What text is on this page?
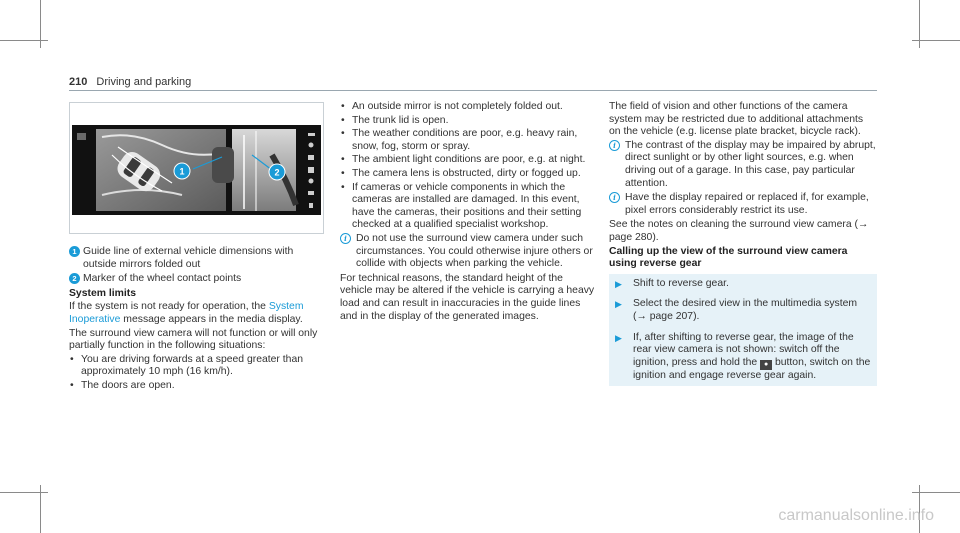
210 Driving and parking
1	2
1 Guide line of external vehicle dimensions with outside mirrors folded out
2 Marker of the wheel contact points

System limits

If the system is not ready for operation, the System Inoperative message appears in the media display.

The surround view camera will not function or will only partially function in the following situations:

• You are driving forwards at a speed greater than approximately 10 mph (16 km/h).
• The doors are open.
• An outside mirror is not completely folded out.
• The trunk lid is open.
• The weather conditions are poor, e.g. heavy rain, snow, fog, storm or spray.
• The ambient light conditions are poor, e.g. at night.
• The camera lens is obstructed, dirty or fogged up.
• If cameras or vehicle components in which the cameras are installed are damaged. In this event, have the cameras, their positions and their setting checked at a qualified specialist workshop.
i Do not use the surround view camera under such circumstances. You could otherwise injure others or collide with objects when parking the vehicle.

For technical reasons, the standard height of the vehicle may be altered if the vehicle is carrying a heavy load and can result in inaccuracies in the guide lines and in the display of the generated images.

The field of vision and other functions of the camera system may be restricted due to additional attachments on the vehicle (e.g. license plate bracket, bicycle rack).

i The contrast of the display may be impaired by abrupt, direct sunlight or by other light sources, e.g. when driving out of a garage. In this case, pay particular attention.
i Have the display repaired or replaced if, for example, pixel errors considerably restrict its use.

See the notes on cleaning the surround view camera (→ page 280).

Calling up the view of the surround view camera using reverse gear

▶	Shift to reverse gear.
▶	Select the desired view in the multimedia system (→ page 207).
▶	If, after shifting to reverse gear, the image of the rear view camera is not shown: switch off the ignition, press and hold the ● button, switch on the ignition and engage reverse gear again.
carmanualsonline.info
